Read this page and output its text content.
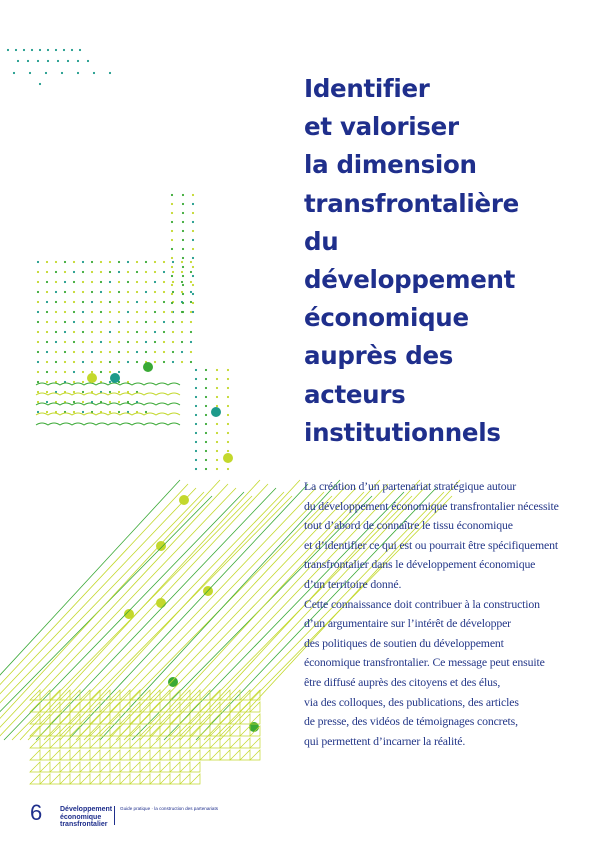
Identifier
et valoriser
la dimension
transfrontalière
du
développement
économique
auprès des
acteurs
institutionnels
La création d’un partenariat stratégique autour
du développement économique transfrontalier nécessite
tout d’abord de connaître le tissu économique
et d’identifier ce qui est ou pourrait être spécifiquement
transfrontalier dans le développement économique
d’un territoire donné.
Cette connaissance doit contribuer à la construction
d’un argumentaire sur l’intérêt de développer
des politiques de soutien du développement
économique transfrontalier. Ce message peut ensuite
être diffusé auprès des citoyens et des élus,
via des colloques, des publications, des articles
de presse, des vidéos de témoignages concrets,
qui permettent d’incarner la réalité.
6	Développement
économique
transfrontalier
Guide pratique · la construction des partenariats
